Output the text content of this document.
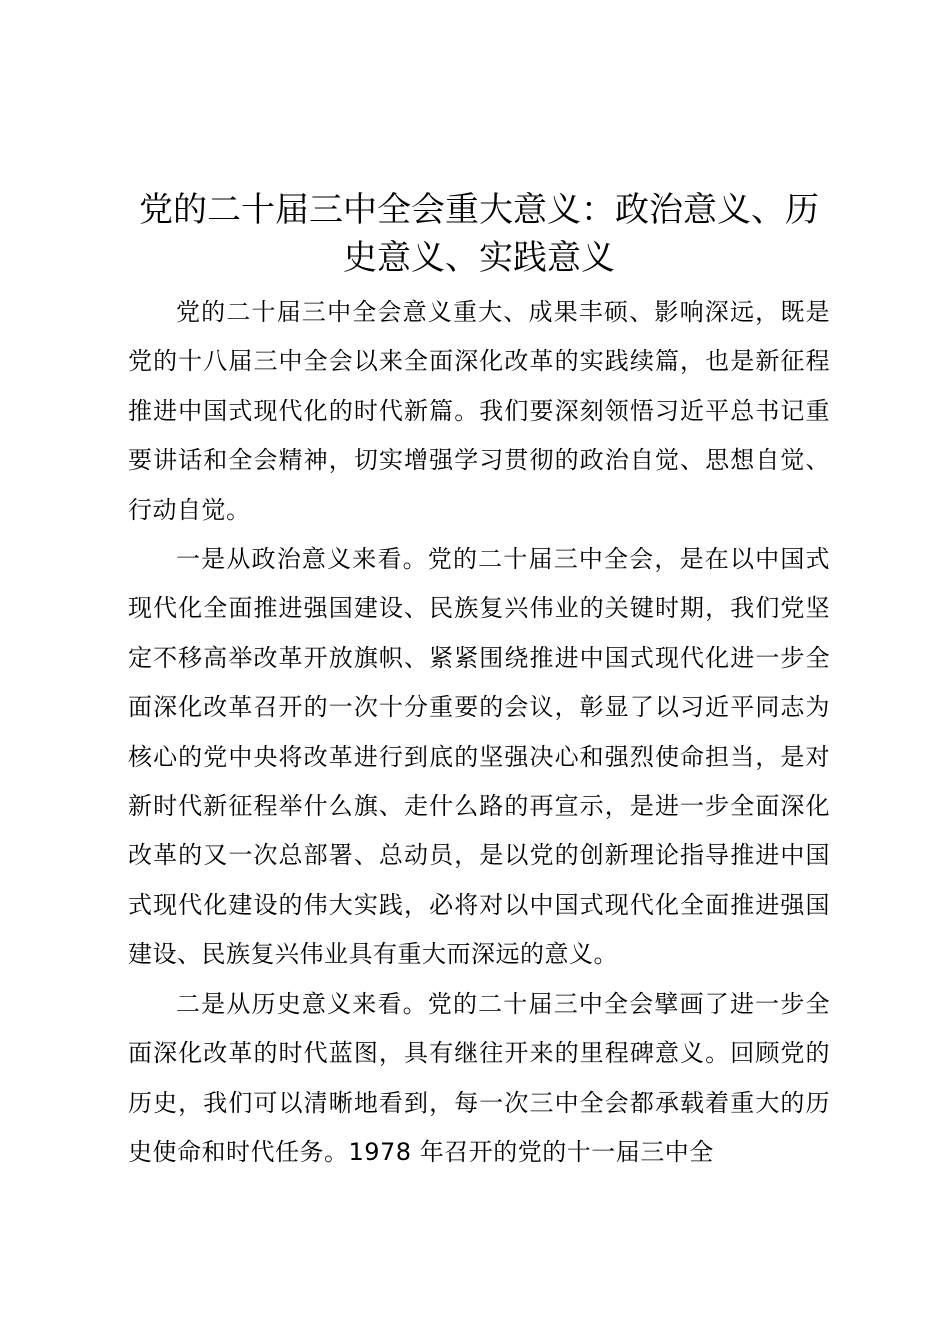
党的二十届三中全会重大意义：政治意义、历史意义、实践意义

党的二十届三中全会意义重大、成果丰硕、影响深远，既是党的十八届三中全会以来全面深化改革的实践续篇，也是新征程推进中国式现代化的时代新篇。我们要深刻领悟习近平总书记重要讲话和全会精神，切实增强学习贯彻的政治自觉、思想自觉、行动自觉。

一是从政治意义来看。党的二十届三中全会，是在以中国式现代化全面推进强国建设、民族复兴伟业的关键时期，我们党坚定不移高举改革开放旗帜、紧紧围绕推进中国式现代化进一步全面深化改革召开的一次十分重要的会议，彰显了以习近平同志为核心的党中央将改革进行到底的坚强决心和强烈使命担当，是对新时代新征程举什么旗、走什么路的再宣示，是进一步全面深化改革的又一次总部署、总动员，是以党的创新理论指导推进中国式现代化建设的伟大实践，必将对以中国式现代化全面推进强国建设、民族复兴伟业具有重大而深远的意义。

二是从历史意义来看。党的二十届三中全会擘画了进一步全面深化改革的时代蓝图，具有继往开来的里程碑意义。回顾党的历史，我们可以清晰地看到，每一次三中全会都承载着重大的历史使命和时代任务。1978 年召开的党的十一届三中全
